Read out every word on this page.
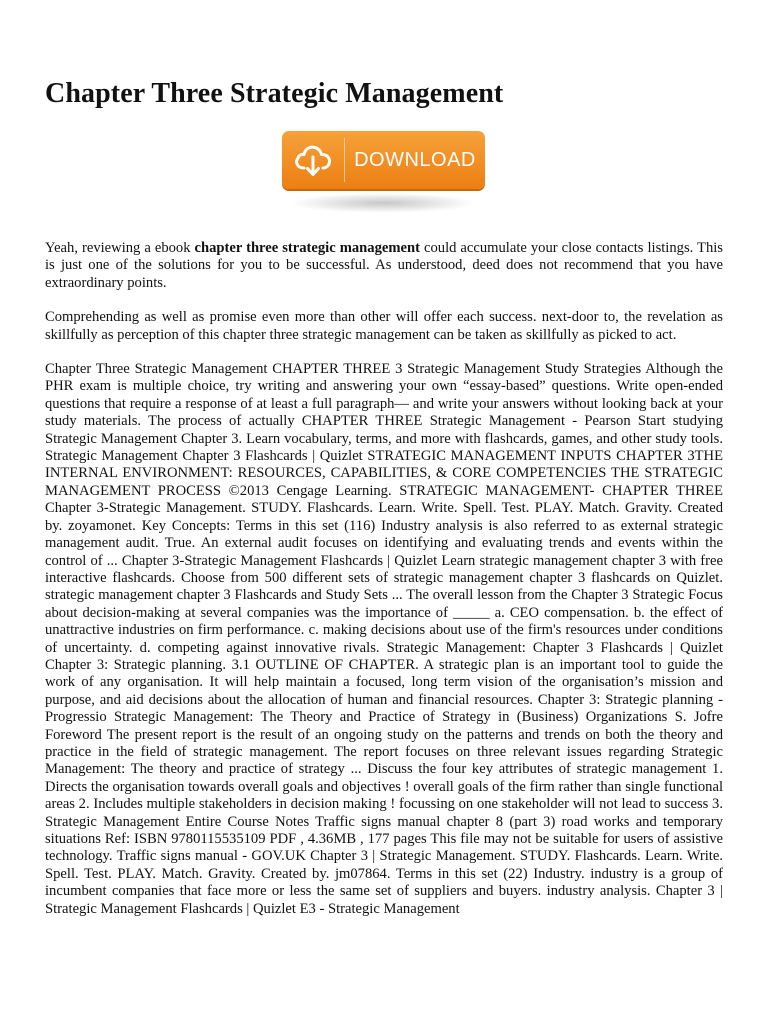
Chapter Three Strategic Management
DOWNLOAD

Yeah, reviewing a ebook chapter three strategic management could accumulate your close contacts listings. This is just one of the solutions for you to be successful. As understood, deed does not recommend that you have extraordinary points.

Comprehending as well as promise even more than other will offer each success. next-door to, the revelation as skillfully as perception of this chapter three strategic management can be taken as skillfully as picked to act.

Chapter Three Strategic Management CHAPTER THREE 3 Strategic Management Study Strategies Although the PHR exam is multiple choice, try writing and answering your own “essay-based” questions. Write open-ended questions that require a response of at least a full paragraph— and write your answers without looking back at your study materials. The process of actually CHAPTER THREE Strategic Management - Pearson Start studying Strategic Management Chapter 3. Learn vocabulary, terms, and more with flashcards, games, and other study tools. Strategic Management Chapter 3 Flashcards | Quizlet STRATEGIC MANAGEMENT INPUTS CHAPTER 3THE INTERNAL ENVIRONMENT: RESOURCES, CAPABILITIES, & CORE COMPETENCIES THE STRATEGIC MANAGEMENT PROCESS ©2013 Cengage Learning. STRATEGIC MANAGEMENT- CHAPTER THREE Chapter 3-Strategic Management. STUDY. Flashcards. Learn. Write. Spell. Test. PLAY. Match. Gravity. Created by. zoyamonet. Key Concepts: Terms in this set (116) Industry analysis is also referred to as external strategic management audit. True. An external audit focuses on identifying and evaluating trends and events within the control of ... Chapter 3-Strategic Management Flashcards | Quizlet Learn strategic management chapter 3 with free interactive flashcards. Choose from 500 different sets of strategic management chapter 3 flashcards on Quizlet. strategic management chapter 3 Flashcards and Study Sets ... The overall lesson from the Chapter 3 Strategic Focus about decision-making at several companies was the importance of _____ a. CEO compensation. b. the effect of unattractive industries on firm performance. c. making decisions about use of the firm's resources under conditions of uncertainty. d. competing against innovative rivals. Strategic Management: Chapter 3 Flashcards | Quizlet Chapter 3: Strategic planning. 3.1 OUTLINE OF CHAPTER. A strategic plan is an important tool to guide the work of any organisation. It will help maintain a focused, long term vision of the organisation’s mission and purpose, and aid decisions about the allocation of human and financial resources. Chapter 3: Strategic planning - Progressio Strategic Management: The Theory and Practice of Strategy in (Business) Organizations S. Jofre Foreword The present report is the result of an ongoing study on the patterns and trends on both the theory and practice in the field of strategic management. The report focuses on three relevant issues regarding Strategic Management: The theory and practice of strategy ... Discuss the four key attributes of strategic management 1. Directs the organisation towards overall goals and objectives ! overall goals of the firm rather than single functional areas 2. Includes multiple stakeholders in decision making ! focussing on one stakeholder will not lead to success 3. Strategic Management Entire Course Notes Traffic signs manual chapter 8 (part 3) road works and temporary situations Ref: ISBN 9780115535109 PDF , 4.36MB , 177 pages This file may not be suitable for users of assistive technology. Traffic signs manual - GOV.UK Chapter 3 | Strategic Management. STUDY. Flashcards. Learn. Write. Spell. Test. PLAY. Match. Gravity. Created by. jm07864. Terms in this set (22) Industry. industry is a group of incumbent companies that face more or less the same set of suppliers and buyers. industry analysis. Chapter 3 | Strategic Management Flashcards | Quizlet E3 - Strategic Management
